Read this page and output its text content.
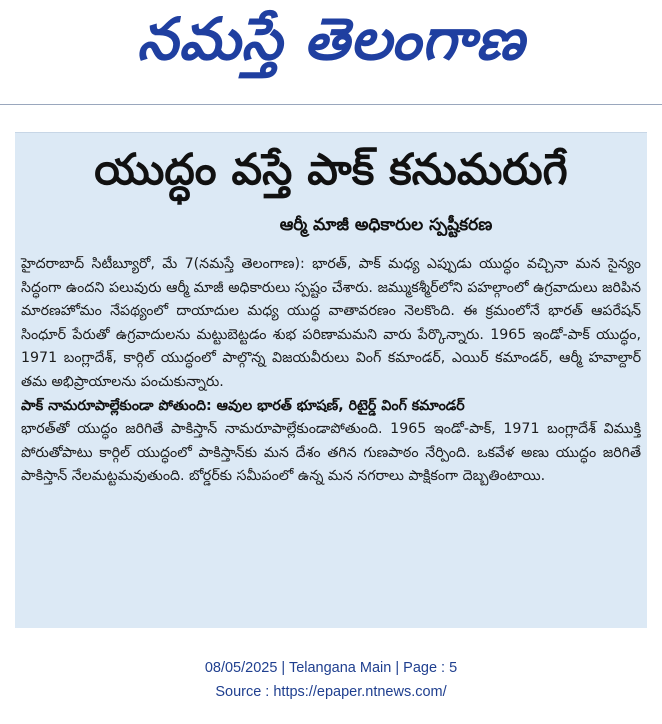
నమస్తే తెలంగాణ
యుద్ధం వస్తే పాక్ కనుమరుగే
ఆర్మీ మాజీ అధికారుల స్పష్టీకరణ

హైదరాబాద్ సిటీబ్యూరో, మే 7(నమస్తే తెలంగాణ): భారత్, పాక్ మధ్య ఎప్పుడు యుద్ధం వచ్చినా మన సైన్యం సిద్ధంగా ఉందని పలువురు ఆర్మీ మాజీ అధికారులు స్పష్టం చేశారు. జమ్ముకశ్మీర్‌లోని పహల్గాంలో ఉగ్రవాదులు జరిపిన మారణహోమం నేపథ్యంలో దాయాదుల మధ్య యుద్ధ వాతావరణం నెలకొంది. ఈ క్రమంలోనే భారత్ ఆపరేషన్ సింధూర్ పేరుతో ఉగ్రవాదులను మట్టుబెట్టడం శుభ పరిణామమని వారు పేర్కొన్నారు. 1965 ఇండో-పాక్ యుద్ధం, 1971 బంగ్లాదేశ్, కార్గిల్ యుద్ధంలో పాల్గొన్న విజయవీరులు వింగ్ కమాండర్, ఎయిర్ కమాండర్, ఆర్మీ హవాల్దార్ తమ అభిప్రాయాలను పంచుకున్నారు.

పాక్ నామరూపాల్లేకుండా పోతుంది: ఆవుల భారత్ భూషణ్, రిటైర్డ్ వింగ్ కమాండర్

భారత్‌తో యుద్ధం జరిగితే పాకిస్తాన్ నామరూపాల్లేకుండాపోతుంది. 1965 ఇండో-పాక్, 1971 బంగ్లాదేశ్ విముక్తి పోరుతోపాటు కార్గిల్ యుద్ధంలో పాకిస్తాన్‌కు మన దేశం తగిన గుణపాఠం నేర్పింది. ఒకవేళ అణు యుద్ధం జరిగితే పాకిస్తాన్ నేలమట్టమవుతుంది. బోర్డర్‌కు సమీపంలో ఉన్న మన నగరాలు పాక్షికంగా దెబ్బతింటాయి.

08/05/2025 | Telangana Main | Page : 5
Source : https://epaper.ntnews.com/
